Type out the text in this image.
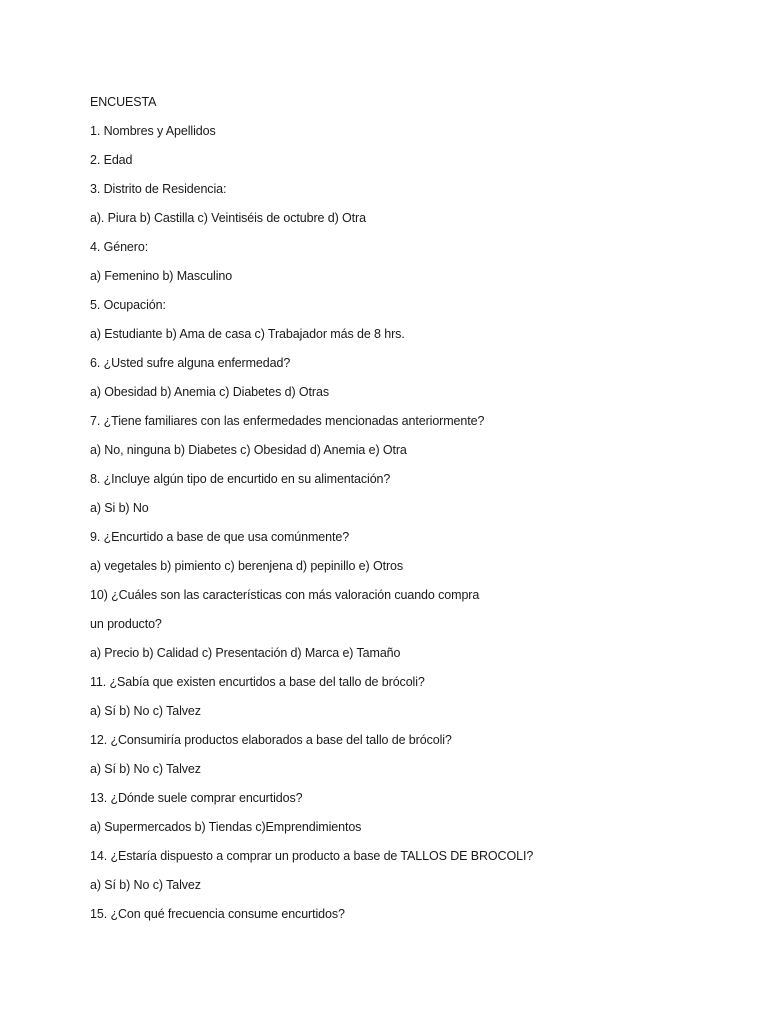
ENCUESTA
1. Nombres y Apellidos
2. Edad
3. Distrito de Residencia:
a). Piura b) Castilla c) Veintiséis de octubre d) Otra
4. Género:
a) Femenino b) Masculino
5. Ocupación:
a) Estudiante b) Ama de casa c) Trabajador más de 8 hrs.
6. ¿Usted sufre alguna enfermedad?
a) Obesidad b) Anemia c) Diabetes d) Otras
7. ¿Tiene familiares con las enfermedades mencionadas anteriormente?
a) No, ninguna b) Diabetes c) Obesidad d) Anemia e) Otra
8. ¿Incluye algún tipo de encurtido en su alimentación?
a) Si b) No
9. ¿Encurtido a base de que usa comúnmente?
a) vegetales b) pimiento c) berenjena d) pepinillo e) Otros
10) ¿Cuáles son las características con más valoración cuando compra
un producto?
a) Precio b) Calidad c) Presentación d) Marca e) Tamaño
11. ¿Sabía que existen encurtidos a base del tallo de brócoli?
a) Sí b) No c) Talvez
12. ¿Consumiría productos elaborados a base del tallo de brócoli?
a) Sí b) No c) Talvez
13. ¿Dónde suele comprar encurtidos?
a) Supermercados b) Tiendas c)Emprendimientos
14. ¿Estaría dispuesto a comprar un producto a base de TALLOS DE BROCOLI?
a) Sí b) No c) Talvez
15. ¿Con qué frecuencia consume encurtidos?
